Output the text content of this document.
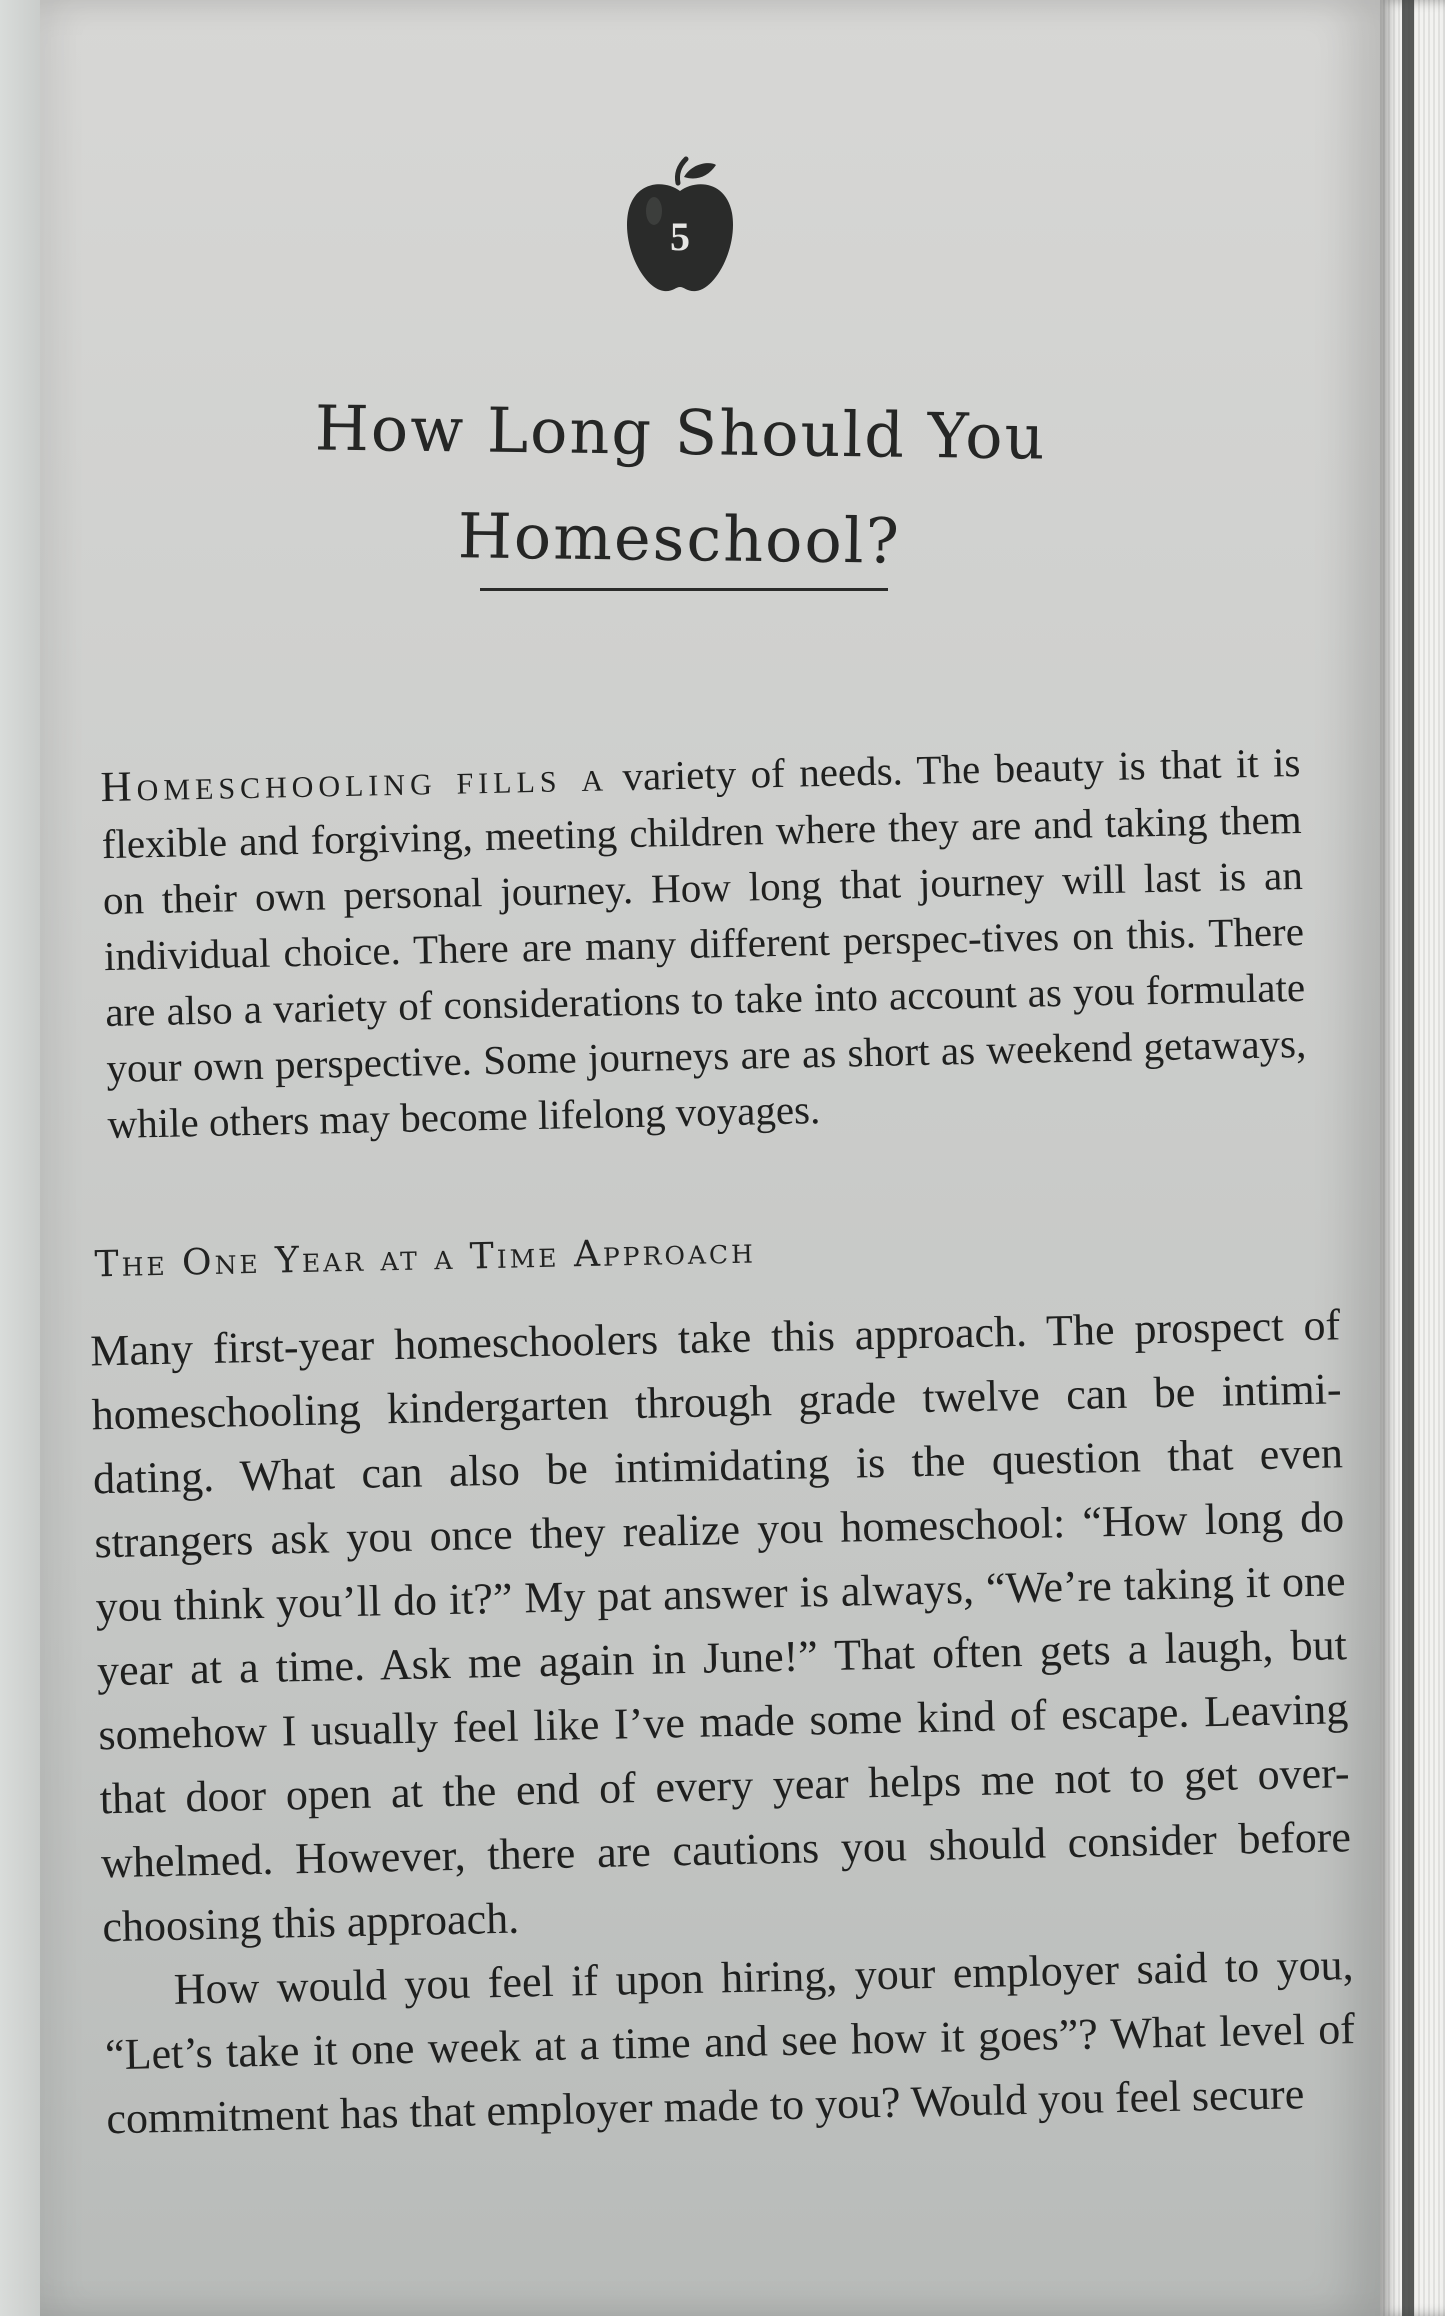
5
How Long Should You
Homeschool?

Homeschooling fills a variety of needs. The beauty is that it is flexible and forgiving, meeting children where they are and taking them on their own personal journey. How long that journey will last is an individual choice. There are many different perspec-tives on this. There are also a variety of considerations to take into account as you formulate your own perspective. Some journeys are as short as weekend getaways, while others may become lifelong voyages.

The One Year at a Time Approach

Many first-year homeschoolers take this approach. The prospect of homeschooling kindergarten through grade twelve can be intimi-dating. What can also be intimidating is the question that even strangers ask you once they realize you homeschool: “How long do you think you’ll do it?” My pat answer is always, “We’re taking it one year at a time. Ask me again in June!” That often gets a laugh, but somehow I usually feel like I’ve made some kind of escape. Leaving that door open at the end of every year helps me not to get over-whelmed. However, there are cautions you should consider before choosing this approach.

How would you feel if upon hiring, your employer said to you, “Let’s take it one week at a time and see how it goes”? What level of commitment has that employer made to you? Would you feel secure
